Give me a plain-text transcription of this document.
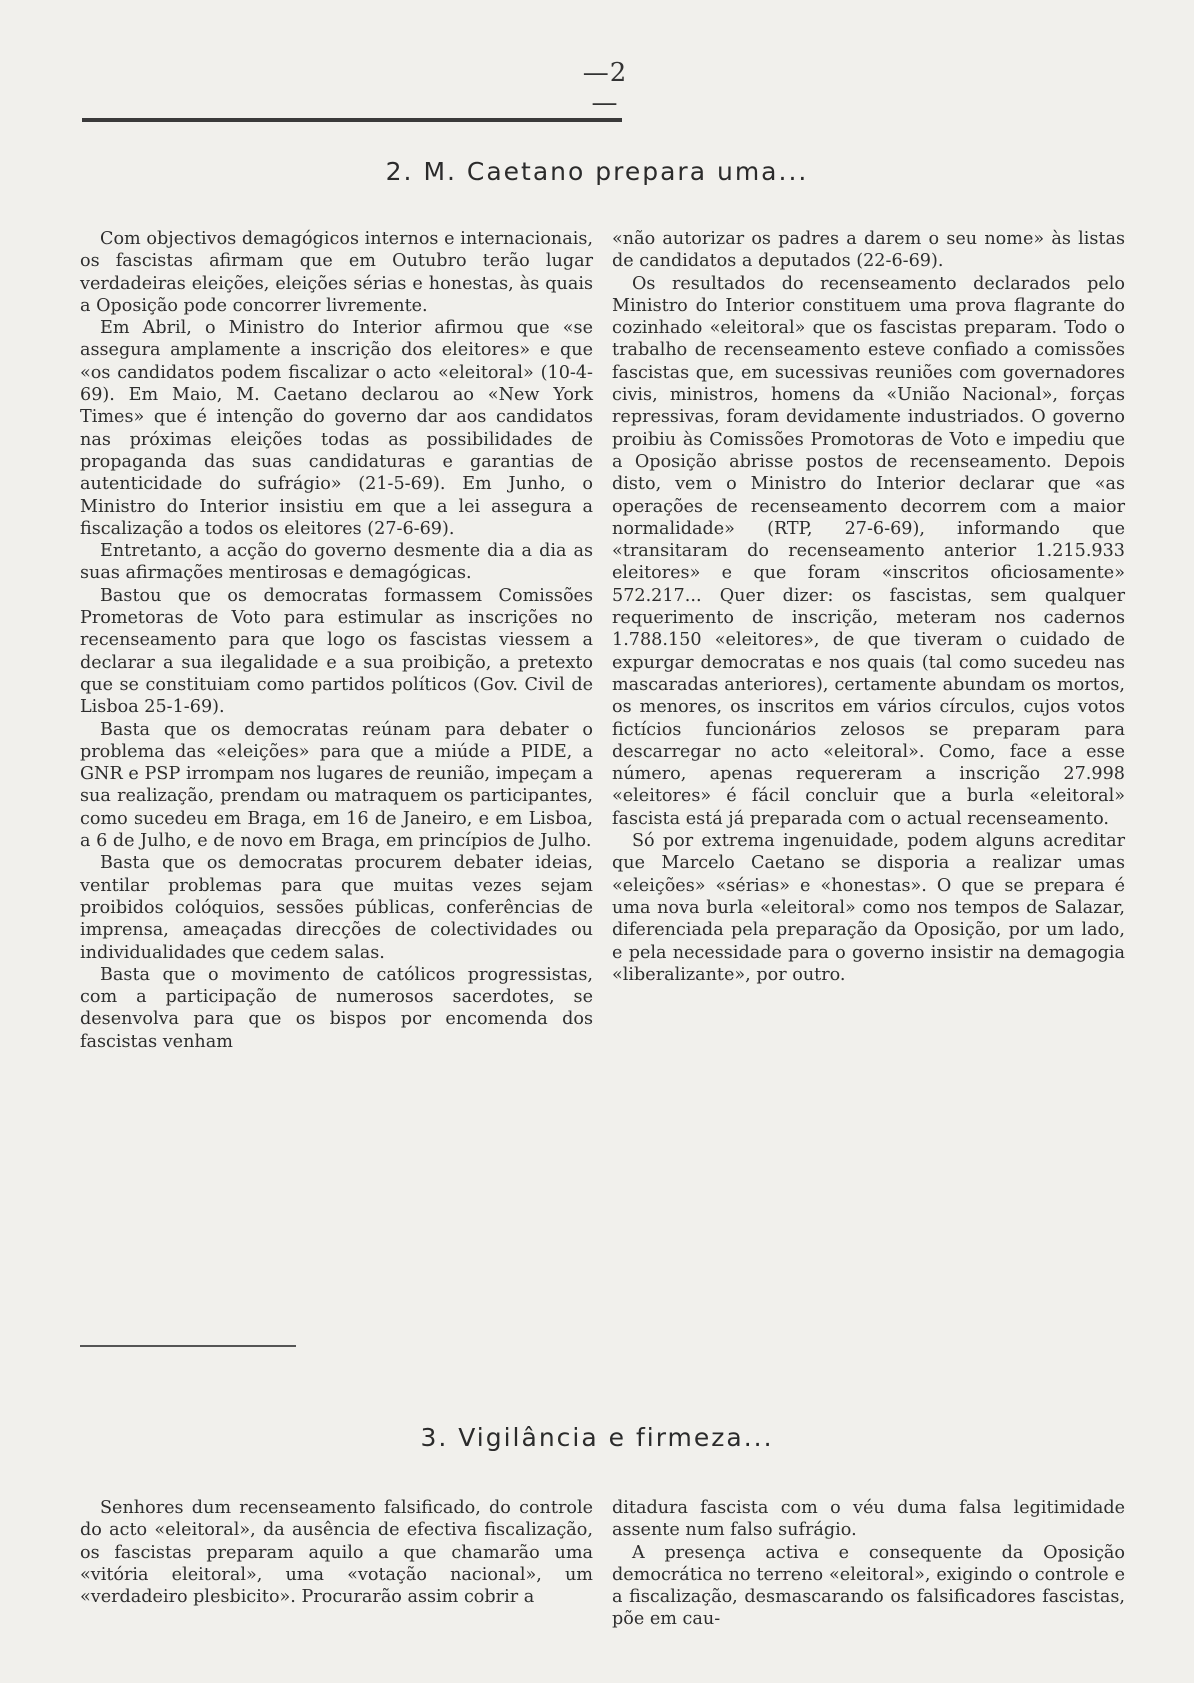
—2—
2. M. Caetano prepara uma...

Com objectivos demagógicos internos e internacionais, os fascistas afirmam que em Outubro terão lugar verdadeiras eleições, eleições sérias e honestas, às quais a Oposição pode concorrer livremente.

Em Abril, o Ministro do Interior afirmou que «se assegura amplamente a inscrição dos eleitores» e que «os candidatos podem fiscalizar o acto «eleitoral» (10-4-69). Em Maio, M. Caetano declarou ao «New York Times» que é intenção do governo dar aos candidatos nas próximas eleições todas as possibilidades de propaganda das suas candidaturas e garantias de autenticidade do sufrágio» (21-5-69). Em Junho, o Ministro do Interior insistiu em que a lei assegura a fiscalização a todos os eleitores (27-6-69).

Entretanto, a acção do governo desmente dia a dia as suas afirmações mentirosas e demagógicas.

Bastou que os democratas formassem Comissões Prometoras de Voto para estimular as inscrições no recenseamento para que logo os fascistas viessem a declarar a sua ilegalidade e a sua proibição, a pretexto que se constituiam como partidos políticos (Gov. Civil de Lisboa 25-1-69).

Basta que os democratas reúnam para debater o problema das «eleições» para que a miúde a PIDE, a GNR e PSP irrompam nos lugares de reunião, impeçam a sua realização, prendam ou matraquem os participantes, como sucedeu em Braga, em 16 de Janeiro, e em Lisboa, a 6 de Julho, e de novo em Braga, em princípios de Julho.

Basta que os democratas procurem debater ideias, ventilar problemas para que muitas vezes sejam proibidos colóquios, sessões públicas, conferências de imprensa, ameaçadas direcções de colectividades ou individualidades que cedem salas.

Basta que o movimento de católicos progressistas, com a participação de numerosos sacerdotes, se desenvolva para que os bispos por encomenda dos fascistas venham

«não autorizar os padres a darem o seu nome» às listas de candidatos a deputados (22-6-69).

Os resultados do recenseamento declarados pelo Ministro do Interior constituem uma prova flagrante do cozinhado «eleitoral» que os fascistas preparam. Todo o trabalho de recenseamento esteve confiado a comissões fascistas que, em sucessivas reuniões com governadores civis, ministros, homens da «União Nacional», forças repressivas, foram devidamente industriados. O governo proibiu às Comissões Promotoras de Voto e impediu que a Oposição abrisse postos de recenseamento. Depois disto, vem o Ministro do Interior declarar que «as operações de recenseamento decorrem com a maior normalidade» (RTP, 27-6-69), informando que «transitaram do recenseamento anterior 1.215.933 eleitores» e que foram «inscritos oficiosamente» 572.217... Quer dizer: os fascistas, sem qualquer requerimento de inscrição, meteram nos cadernos 1.788.150 «eleitores», de que tiveram o cuidado de expurgar democratas e nos quais (tal como sucedeu nas mascaradas anteriores), certamente abundam os mortos, os menores, os inscritos em vários círculos, cujos votos fictícios funcionários zelosos se preparam para descarregar no acto «eleitoral». Como, face a esse número, apenas requereram a inscrição 27.998 «eleitores» é fácil concluir que a burla «eleitoral» fascista está já preparada com o actual recenseamento.

Só por extrema ingenuidade, podem alguns acreditar que Marcelo Caetano se disporia a realizar umas «eleições» «sérias» e «honestas». O que se prepara é uma nova burla «eleitoral» como nos tempos de Salazar, diferenciada pela preparação da Oposição, por um lado, e pela necessidade para o governo insistir na demagogia «liberalizante», por outro.

3. Vigilância e firmeza...

Senhores dum recenseamento falsificado, do controle do acto «eleitoral», da ausência de efectiva fiscalização, os fascistas preparam aquilo a que chamarão uma «vitória eleitoral», uma «votação nacional», um «verdadeiro plesbicito». Procurarão assim cobrir a

ditadura fascista com o véu duma falsa legitimidade assente num falso sufrágio.

A presença activa e consequente da Oposição democrática no terreno «eleitoral», exigindo o controle e a fiscalização, desmascarando os falsificadores fascistas, põe em cau-
